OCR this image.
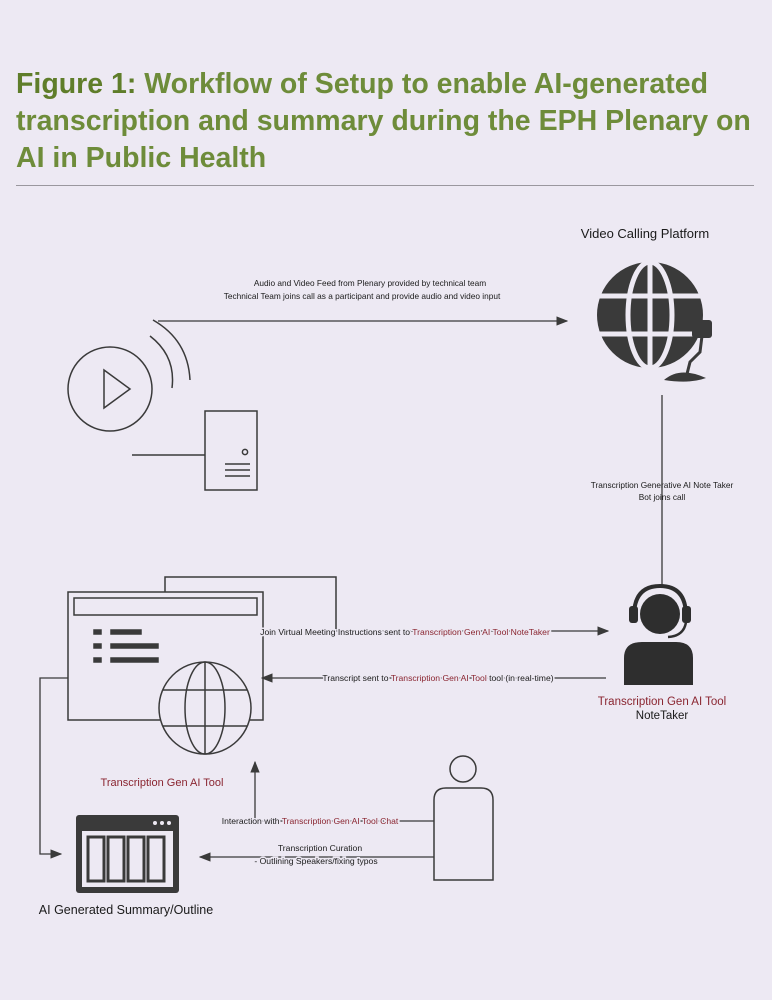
Figure 1: Workflow of Setup to enable AI-generated transcription and summary during the EPH Plenary on AI in Public Health
Video Calling Platform
Audio and Video Feed from Plenary provided by technical team
Technical Team joins call as a participant and provide audio and video input
Transcription Generative AI Note Taker
Bot joins call
Transcription Gen AI Tool
NoteTaker
Transcription Gen AI Tool
Join Virtual Meeting Instructions sent to Transcription Gen AI Tool NoteTaker
Transcript sent to Transcription Gen AI Tool tool (in real-time)
Interaction with Transcription Gen AI Tool Chat
Transcription Curation
- Outlining Speakers/fixing typos
AI Generated Summary/Outline
